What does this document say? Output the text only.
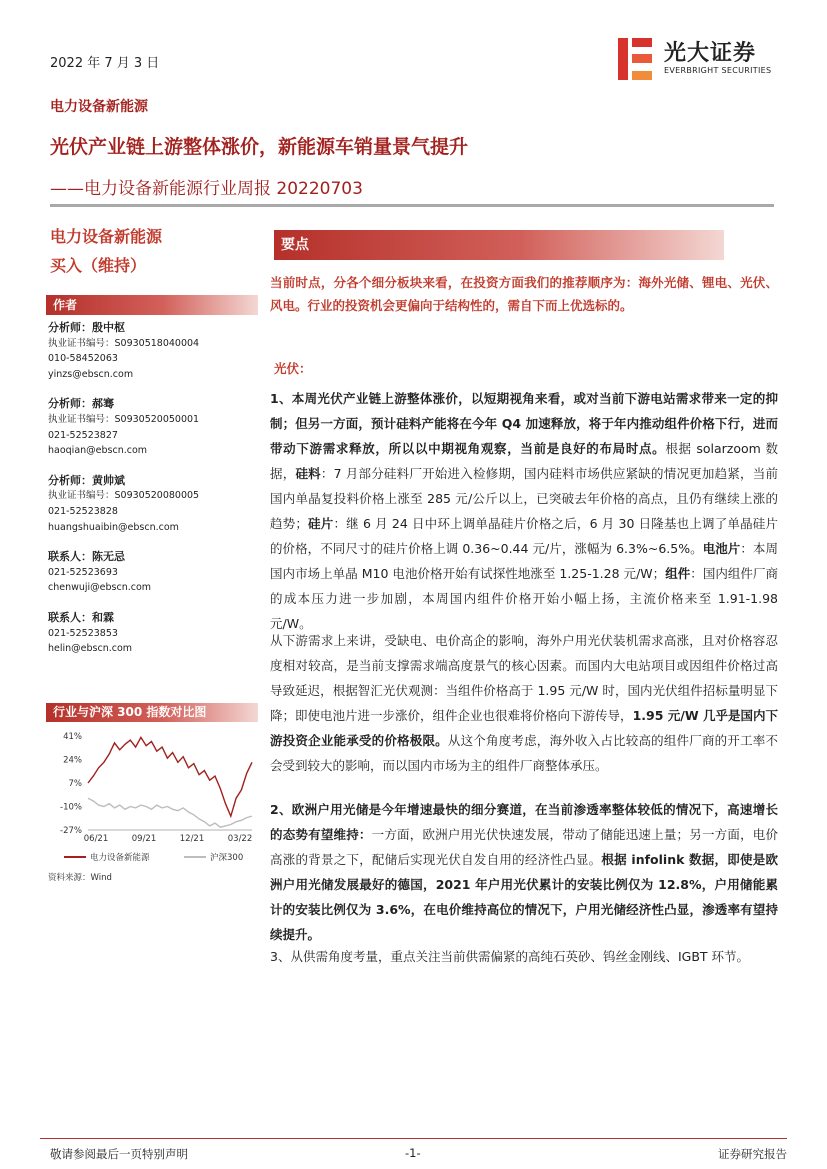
2022 年 7 月 3 日	光大证券
EVERBRIGHT SECURITIES
电力设备新能源
光伏产业链上游整体涨价，新能源车销量景气提升
——电力设备新能源行业周报 20220703
电力设备新能源
买入（维持）
作者
分析师：殷中枢
执业证书编号：S0930518040004
010-58452063
yinzs@ebscn.com
分析师：郝骞
执业证书编号：S0930520050001
021-52523827
haoqian@ebscn.com
分析师：黄帅斌
执业证书编号：S0930520080005
021-52523828
huangshuaibin@ebscn.com
联系人：陈无忌
021-52523693
chenwuji@ebscn.com
联系人：和霖
021-52523853
helin@ebscn.com
行业与沪深 300 指数对比图
41%
24%
7%
-10%
-27%
06/21	09/21	12/21	03/22
电力设备新能源	沪深300
资料来源：Wind
要点
当前时点，分各个细分板块来看，在投资方面我们的推荐顺序为：海外光储、锂电、光伏、风电。行业的投资机会更偏向于结构性的，需自下而上优选标的。
光伏：
1、本周光伏产业链上游整体涨价，以短期视角来看，或对当前下游电站需求带来一定的抑制；但另一方面，预计硅料产能将在今年 Q4 加速释放，将于年内推动组件价格下行，进而带动下游需求释放，所以以中期视角观察，当前是良好的布局时点。根据 solarzoom 数据，硅料：7 月部分硅料厂开始进入检修期，国内硅料市场供应紧缺的情况更加趋紧，当前国内单晶复投料价格上涨至 285 元/公斤以上，已突破去年价格的高点，且仍有继续上涨的趋势；硅片：继 6 月 24 日中环上调单晶硅片价格之后，6 月 30 日隆基也上调了单晶硅片的价格，不同尺寸的硅片价格上调 0.36~0.44 元/片，涨幅为 6.3%~6.5%。电池片：本周国内市场上单晶 M10 电池价格开始有试探性地涨至 1.25-1.28 元/W；组件：国内组件厂商的成本压力进一步加剧，本周国内组件价格开始小幅上扬，主流价格来至 1.91-1.98 元/W。
从下游需求上来讲，受缺电、电价高企的影响，海外户用光伏装机需求高涨，且对价格容忍度相对较高，是当前支撑需求端高度景气的核心因素。而国内大电站项目或因组件价格过高导致延迟，根据智汇光伏观测：当组件价格高于 1.95 元/W 时，国内光伏组件招标量明显下降；即使电池片进一步涨价，组件企业也很难将价格向下游传导，1.95 元/W 几乎是国内下游投资企业能承受的价格极限。从这个角度考虑，海外收入占比较高的组件厂商的开工率不会受到较大的影响，而以国内市场为主的组件厂商整体承压。
2、欧洲户用光储是今年增速最快的细分赛道，在当前渗透率整体较低的情况下，高速增长的态势有望维持：一方面，欧洲户用光伏快速发展，带动了储能迅速上量；另一方面，电价高涨的背景之下，配储后实现光伏自发自用的经济性凸显。根据 infolink 数据，即使是欧洲户用光储发展最好的德国，2021 年户用光伏累计的安装比例仅为 12.8%，户用储能累计的安装比例仅为 3.6%，在电价维持高位的情况下，户用光储经济性凸显，渗透率有望持续提升。
3、从供需角度考量，重点关注当前供需偏紧的高纯石英砂、钨丝金刚线、IGBT 环节。
敬请参阅最后一页特别声明	-1-	证券研究报告
